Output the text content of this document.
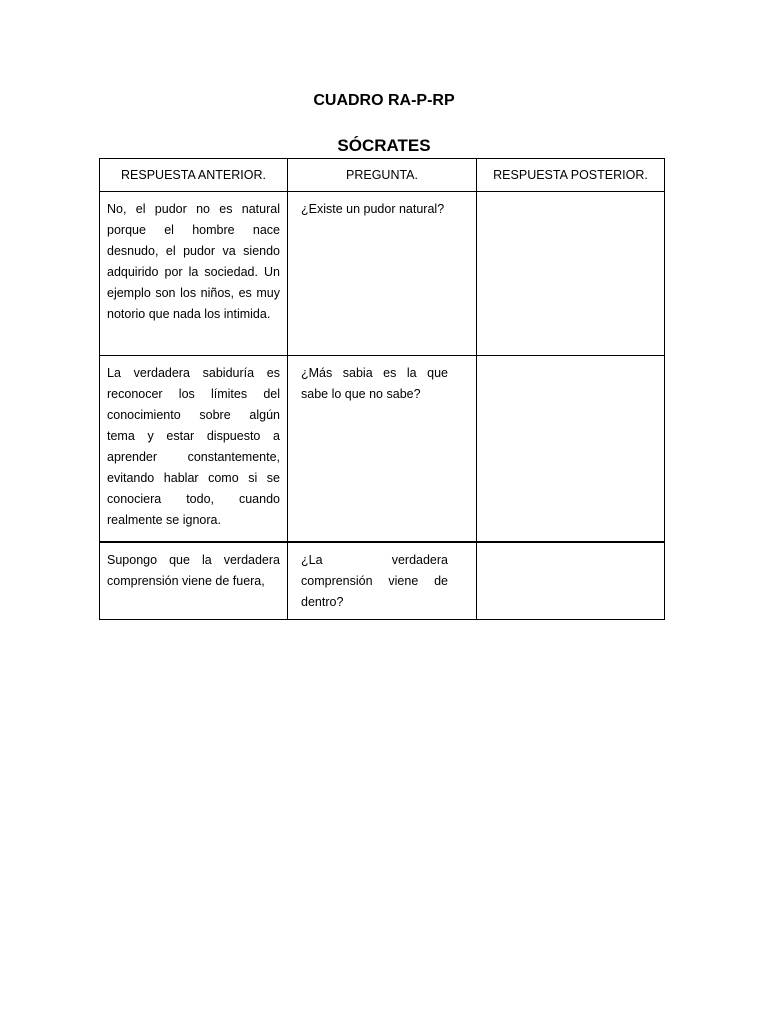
CUADRO RA-P-RP
SÓCRATES
RESPUESTA ANTERIOR.	PREGUNTA.	RESPUESTA POSTERIOR.
No, el pudor no es natural porque el hombre nace desnudo, el pudor va siendo adquirido por la sociedad. Un ejemplo son los niños, es muy notorio que nada los intimida.	¿Existe un pudor natural?	
La verdadera sabiduría es reconocer los límites del conocimiento sobre algún tema y estar dispuesto a aprender constantemente, evitando hablar como si se conociera todo, cuando realmente se ignora.	¿Más sabia es la que sabe lo que no sabe?	
Supongo que la verdadera comprensión viene de fuera,	¿La verdadera comprensión viene de dentro?	
